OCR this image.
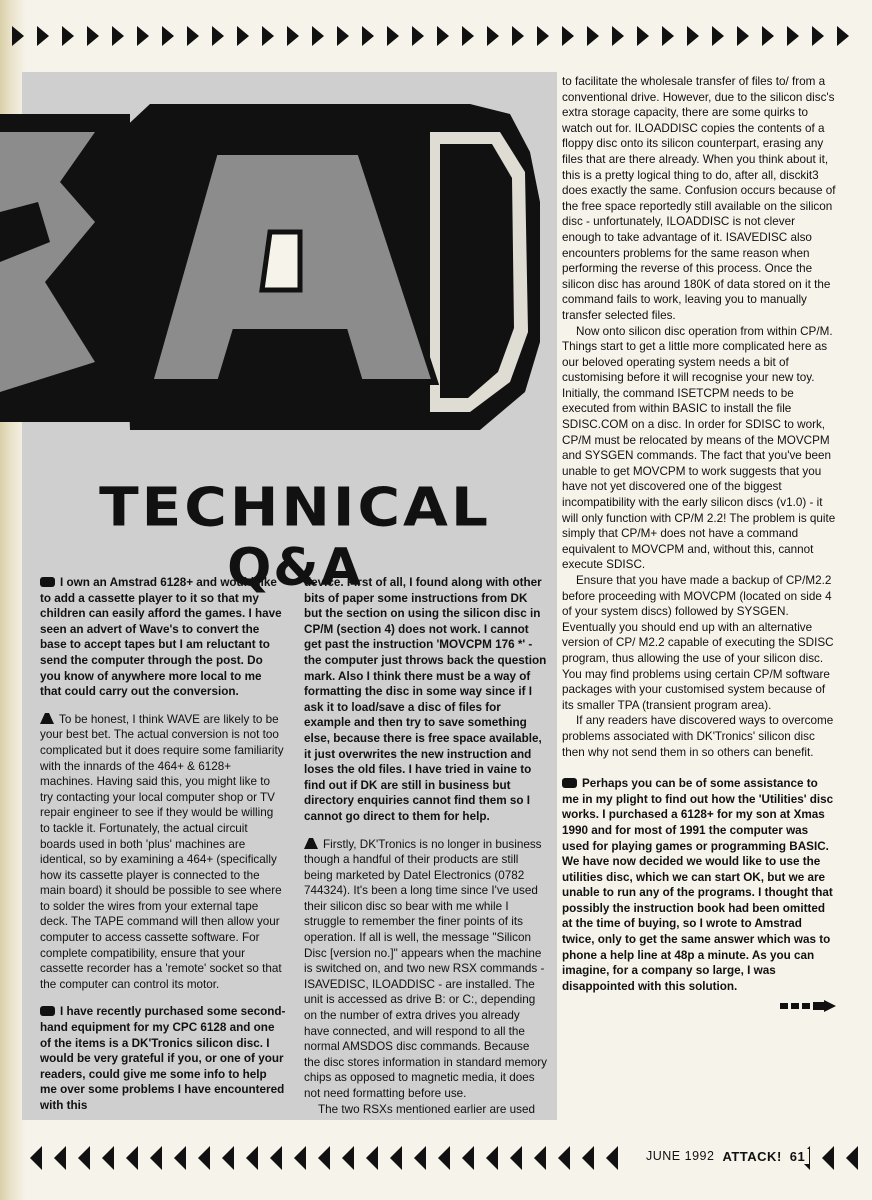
TECHNICAL
Q&A

I own an Amstrad 6128+ and would like to add a cassette player to it so that my children can easily afford the games. I have seen an advert of Wave's to convert the base to accept tapes but I am reluctant to send the computer through the post. Do you know of anywhere more local to me that could carry out the conversion.

To be honest, I think WAVE are likely to be your best bet. The actual conversion is not too complicated but it does require some familiarity with the innards of the 464+ & 6128+ machines. Having said this, you might like to try contacting your local computer shop or TV repair engineer to see if they would be willing to tackle it. Fortunately, the actual circuit boards used in both 'plus' machines are identical, so by examining a 464+ (specifically how its cassette player is connected to the main board) it should be possible to see where to solder the wires from your external tape deck. The TAPE command will then allow your computer to access cassette software. For complete compatibility, ensure that your cassette recorder has a 'remote' socket so that the computer can control its motor.

I have recently purchased some second-hand equipment for my CPC 6128 and one of the items is a DK'Tronics silicon disc. I would be very grateful if you, or one of your readers, could give me some info to help me over some problems I have encountered with this

device. First of all, I found along with other bits of paper some instructions from DK but the section on using the silicon disc in CP/M (section 4) does not work. I cannot get past the instruction 'MOVCPM 176 *' - the computer just throws back the question mark. Also I think there must be a way of formatting the disc in some way since if I ask it to load/save a disc of files for example and then try to save something else, because there is free space available, it just overwrites the new instruction and loses the old files. I have tried in vaine to find out if DK are still in business but directory enquiries cannot find them so I cannot go direct to them for help.

Firstly, DK'Tronics is no longer in business though a handful of their products are still being marketed by Datel Electronics (0782 744324). It's been a long time since I've used their silicon disc so bear with me while I struggle to remember the finer points of its operation. If all is well, the message "Silicon Disc [version no.]" appears when the machine is switched on, and two new RSX commands - ISAVEDISC, ILOADDISC - are installed. The unit is accessed as drive B: or C:, depending on the number of extra drives you already have connected, and will respond to all the normal AMSDOS disc commands. Because the disc stores information in standard memory chips as opposed to magnetic media, it does not need formatting before use.

The two RSXs mentioned earlier are used

to facilitate the wholesale transfer of files to/ from a conventional drive. However, due to the silicon disc's extra storage capacity, there are some quirks to watch out for. ILOADDISC copies the contents of a floppy disc onto its silicon counterpart, erasing any files that are there already. When you think about it, this is a pretty logical thing to do, after all, disckit3 does exactly the same. Confusion occurs because of the free space reportedly still available on the silicon disc - unfortunately, ILOADDISC is not clever enough to take advantage of it. ISAVEDISC also encounters problems for the same reason when performing the reverse of this process. Once the silicon disc has around 180K of data stored on it the command fails to work, leaving you to manually transfer selected files.

Now onto silicon disc operation from within CP/M. Things start to get a little more complicated here as our beloved operating system needs a bit of customising before it will recognise your new toy. Initially, the command ISETCPM needs to be executed from within BASIC to install the file SDISC.COM on a disc. In order for SDISC to work, CP/M must be relocated by means of the MOVCPM and SYSGEN commands. The fact that you've been unable to get MOVCPM to work suggests that you have not yet discovered one of the biggest incompatibility with the early silicon discs (v1.0) - it will only function with CP/M 2.2! The problem is quite simply that CP/M+ does not have a command equivalent to MOVCPM and, without this, cannot execute SDISC.

Ensure that you have made a backup of CP/M2.2 before proceeding with MOVCPM (located on side 4 of your system discs) followed by SYSGEN. Eventually you should end up with an alternative version of CP/ M2.2 capable of executing the SDISC program, thus allowing the use of your silicon disc. You may find problems using certain CP/M software packages with your customised system because of its smaller TPA (transient program area).

If any readers have discovered ways to overcome problems associated with DK'Tronics' silicon disc then why not send them in so others can benefit.

Perhaps you can be of some assistance to me in my plight to find out how the 'Utilities' disc works. I purchased a 6128+ for my son at Xmas 1990 and for most of 1991 the computer was used for playing games or programming BASIC. We have now decided we would like to use the utilities disc, which we can start OK, but we are unable to run any of the programs. I thought that possibly the instruction book had been omitted at the time of buying, so I wrote to Amstrad twice, only to get the same answer which was to phone a help line at 48p a minute. As you can imagine, for a company so large, I was disappointed with this solution.

JUNE 1992 ATTACK! 61
